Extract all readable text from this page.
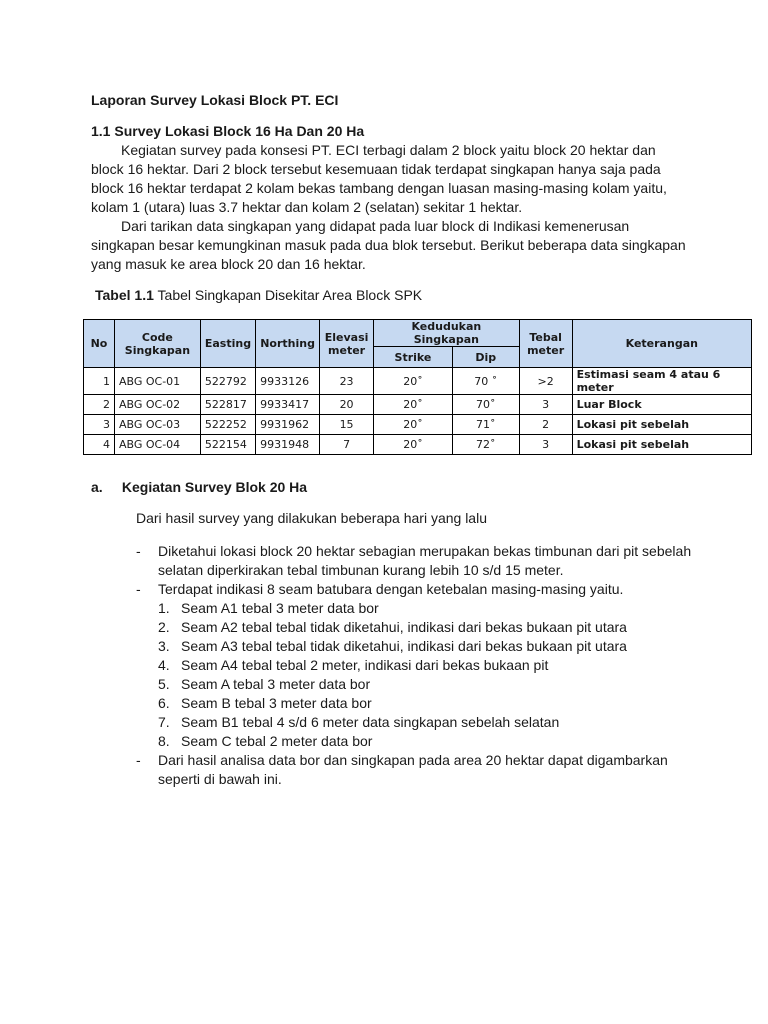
Laporan Survey Lokasi Block PT. ECI
1.1 Survey Lokasi Block 16 Ha Dan 20 Ha

Kegiatan survey pada konsesi PT. ECI terbagi dalam 2 block yaitu block 20 hektar dan block 16 hektar. Dari 2 block tersebut kesemuaan tidak terdapat singkapan hanya saja pada block 16 hektar terdapat 2 kolam bekas tambang dengan luasan masing-masing kolam yaitu, kolam 1 (utara) luas 3.7 hektar dan kolam 2 (selatan) sekitar 1 hektar.

Dari tarikan data singkapan yang didapat pada luar block di Indikasi kemenerusan singkapan besar kemungkinan masuk pada dua blok tersebut. Berikut beberapa data singkapan yang masuk ke area block 20 dan 16 hektar.

Tabel 1.1 Tabel Singkapan Disekitar Area Block SPK
No	Code Singkapan	Easting	Northing	Elevasi meter	Kedudukan Singkapan		Tebal meter	Keterangan
					Strike	Dip		
1	ABG OC-01	522792	9933126	23	20˚	70 ˚	>2	Estimasi seam 4 atau 6 meter
2	ABG OC-02	522817	9933417	20	20˚	70˚	3	Luar Block
3	ABG OC-03	522252	9931962	15	20˚	71˚	2	Lokasi pit sebelah
4	ABG OC-04	522154	9931948	7	20˚	72˚	3	Lokasi pit sebelah
a. Kegiatan Survey Blok 20 Ha
Dari hasil survey yang dilakukan beberapa hari yang lalu
- Diketahui lokasi block 20 hektar sebagian merupakan bekas timbunan dari pit sebelah selatan diperkirakan tebal timbunan kurang lebih 10 s/d 15 meter.
- Terdapat indikasi 8 seam batubara dengan ketebalan masing-masing yaitu.
1. Seam A1 tebal 3 meter data bor
2. Seam A2 tebal tebal tidak diketahui, indikasi dari bekas bukaan pit utara
3. Seam A3 tebal tebal tidak diketahui, indikasi dari bekas bukaan pit utara
4. Seam A4 tebal tebal 2 meter, indikasi dari bekas bukaan pit
5. Seam A tebal 3 meter data bor
6. Seam B tebal 3 meter data bor
7. Seam B1 tebal 4 s/d 6 meter data singkapan sebelah selatan
8. Seam C tebal 2 meter data bor
- Dari hasil analisa data bor dan singkapan pada area 20 hektar dapat digambarkan seperti di bawah ini.
